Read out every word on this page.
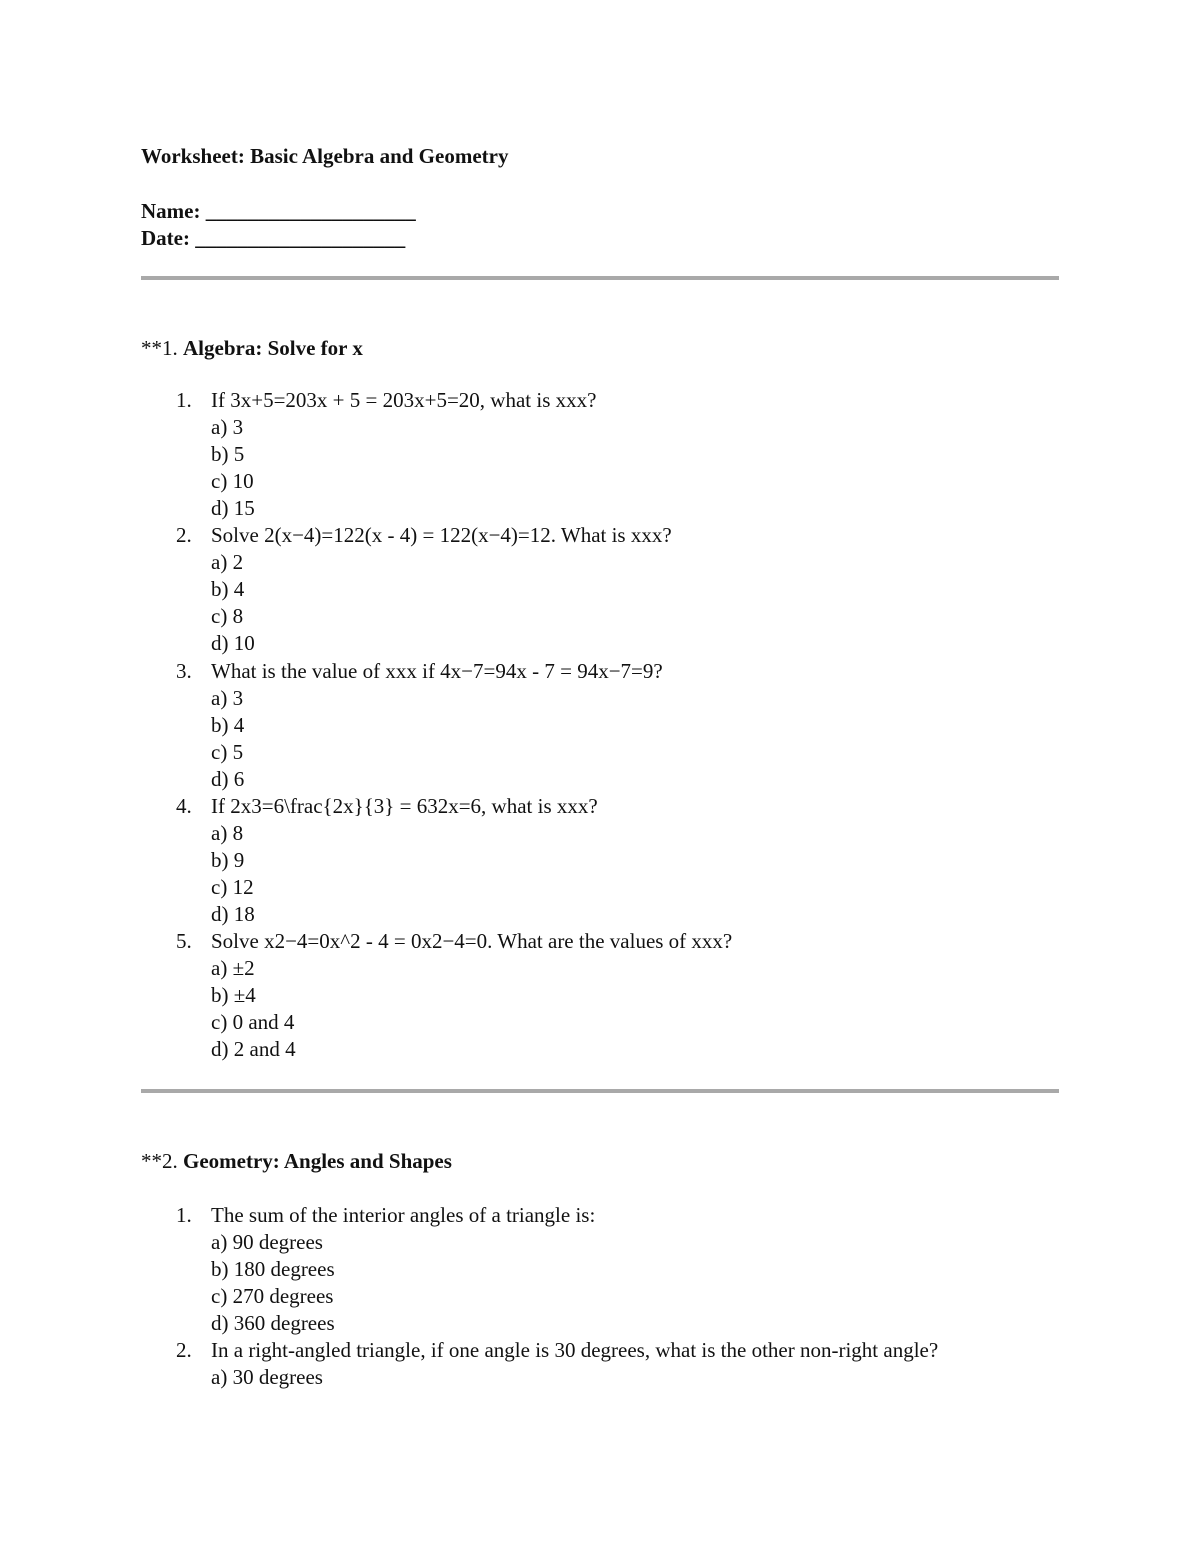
Worksheet: Basic Algebra and Geometry
Name: ____________________
Date: ____________________
**1. Algebra: Solve for x
1. If 3x+5=203x + 5 = 203x+5=20, what is xxx?
a) 3
b) 5
c) 10
d) 15
2. Solve 2(x−4)=122(x - 4) = 122(x−4)=12. What is xxx?
a) 2
b) 4
c) 8
d) 10
3. What is the value of xxx if 4x−7=94x - 7 = 94x−7=9?
a) 3
b) 4
c) 5
d) 6
4. If 2x3=6\frac{2x}{3} = 632x=6, what is xxx?
a) 8
b) 9
c) 12
d) 18
5. Solve x2−4=0x^2 - 4 = 0x2−4=0. What are the values of xxx?
a) ±2
b) ±4
c) 0 and 4
d) 2 and 4
**2. Geometry: Angles and Shapes
1. The sum of the interior angles of a triangle is:
a) 90 degrees
b) 180 degrees
c) 270 degrees
d) 360 degrees
2. In a right-angled triangle, if one angle is 30 degrees, what is the other non-right angle?
a) 30 degrees
